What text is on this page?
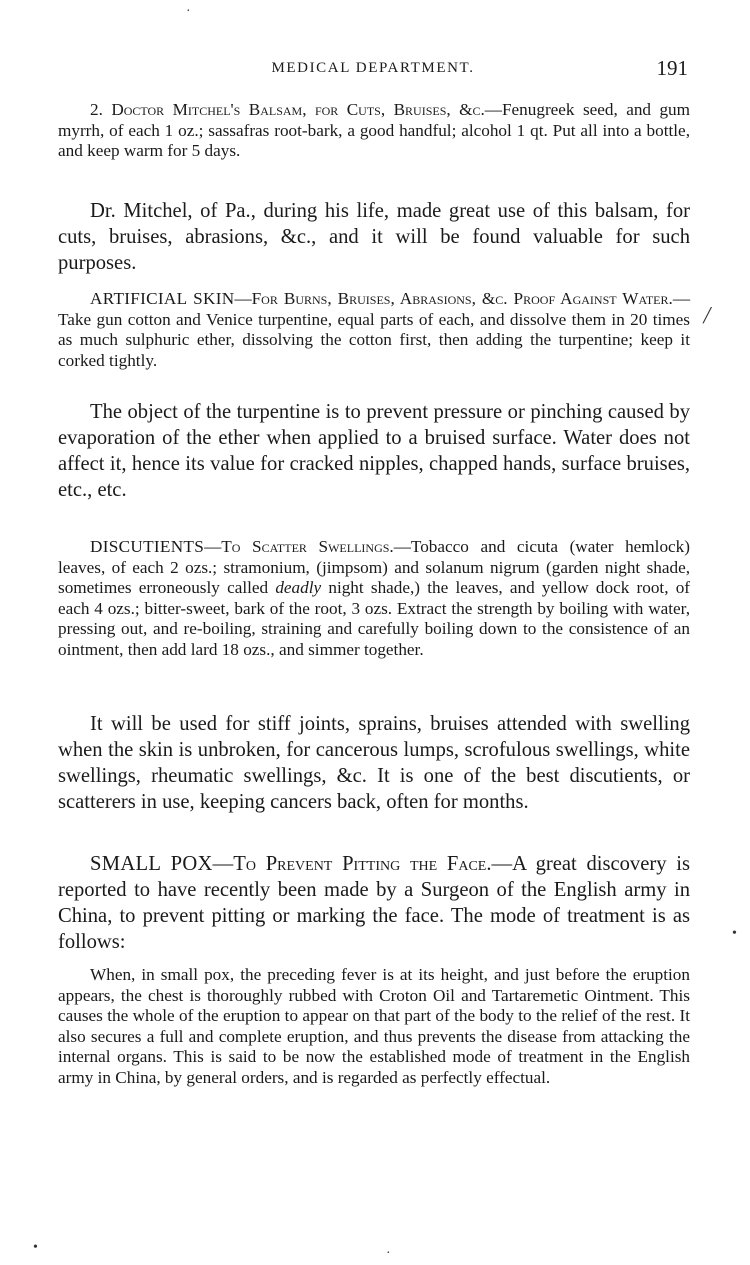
MEDICAL DEPARTMENT.	191

2. Doctor Mitchel's Balsam, for Cuts, Bruises, &c.—Fenugreek seed, and gum myrrh, of each 1 oz.; sassafras root-bark, a good handful; alcohol 1 qt. Put all into a bottle, and keep warm for 5 days.

Dr. Mitchel, of Pa., during his life, made great use of this balsam, for cuts, bruises, abrasions, &c., and it will be found valuable for such purposes.

ARTIFICIAL SKIN—For Burns, Bruises, Abrasions, &c. Proof Against Water.—Take gun cotton and Venice turpentine, equal parts of each, and dissolve them in 20 times as much sulphuric ether, dissolving the cotton first, then adding the turpentine; keep it corked tightly.

The object of the turpentine is to prevent pressure or pinching caused by evaporation of the ether when applied to a bruised surface. Water does not affect it, hence its value for cracked nipples, chapped hands, surface bruises, etc., etc.

DISCUTIENTS—To Scatter Swellings.—Tobacco and cicuta (water hemlock) leaves, of each 2 ozs.; stramonium, (jimpsom) and solanum nigrum (garden night shade, sometimes erroneously called deadly night shade,) the leaves, and yellow dock root, of each 4 ozs.; bitter-sweet, bark of the root, 3 ozs. Extract the strength by boiling with water, pressing out, and re-boiling, straining and carefully boiling down to the consistence of an ointment, then add lard 18 ozs., and simmer together.

It will be used for stiff joints, sprains, bruises attended with swelling when the skin is unbroken, for cancerous lumps, scrofulous swellings, white swellings, rheumatic swellings, &c. It is one of the best discutients, or scatterers in use, keeping cancers back, often for months.

SMALL POX—To Prevent Pitting the Face.—A great discovery is reported to have recently been made by a Surgeon of the English army in China, to prevent pitting or marking the face. The mode of treatment is as follows:

When, in small pox, the preceding fever is at its height, and just before the eruption appears, the chest is thoroughly rubbed with Croton Oil and Tartaremetic Ointment. This causes the whole of the eruption to appear on that part of the body to the relief of the rest. It also secures a full and complete eruption, and thus prevents the disease from attacking the internal organs. This is said to be now the established mode of treatment in the English army in China, by general orders, and is regarded as perfectly effectual.

·
╱
•
•	·
